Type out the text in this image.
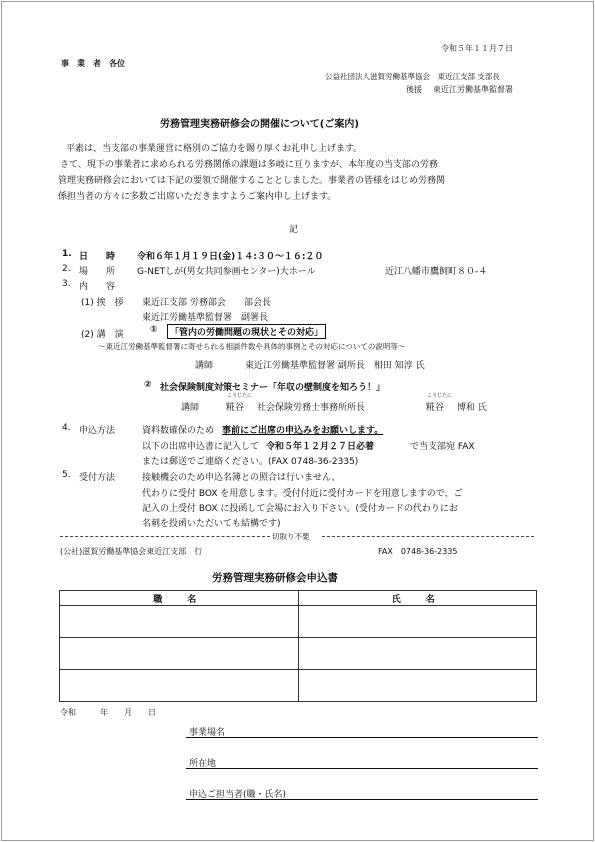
令和５年１１月７日
事　業　者　各位
公益社団法人滋賀労働基準協会　東近江支部 支部長
後援 東近江労働基準監督署
労務管理実務研修会の開催について(ご案内)
平素は、当支部の事業運営に格別のご協力を賜り厚くお礼申し上げます。
さて、現下の事業者に求められる労務関係の課題は多岐に亘りますが、本年度の当支部の労務
管理実務研修会においては下記の要領で開催することとしました。事業者の皆様をはじめ労務関
係担当者の方々に多数ご出席いただきますようご案内申し上げます。
記
1. 日　　時 令和６年１月１９日(金)１４:３０〜１６:２０
2. 場　　所 G-NETしが(男女共同参画センター)大ホール	近江八幡市鷹飼町８０-４
3. 内　　容
(1) 挨　拶 東近江支部 労務部会　　部会長
東近江労働基準監督署　副署長
(2) 講　演	①	「管内の労働問題の現状とその対応」
〜東近江労働基準監督署に寄せられる相談件数や具体的事例とその対応についての説明等〜
講師	東近江労働基準監督署 副所長　相田 知淳 氏
② 社会保険制度対策セミナー「年収の壁制度を知ろう！」
講師
こうじたに
糀谷 社会保険労務士事務所所長
こうじたに
糀谷 博和 氏
4. 申込方法	資料数確保のため 事前にご出席の申込みをお願いします。
以下の出席申込書に記入して 令和５年１２月２７日必着	で当支部宛 FAX
または郵送でご連絡ください。(FAX 0748-36-2335)
5. 受付方法	接触機会のため申込名簿との照合は行いません、
代わりに受付 BOX を用意します。受付付近に受付カードを用意しますので、ご
記入の上受付 BOX に投函して会場にお入り下さい。(受付カードの代わりにお
名刺を投函いただいても結構です)
切取り不要
(公社)滋賀労働基準協会東近江支部　行	FAX　0748-36-2335
労務管理実務研修会申込書
職　名	氏　名

令和　　　年　　月　　日
事業場名
所在地
申込ご担当者(職・氏名)
